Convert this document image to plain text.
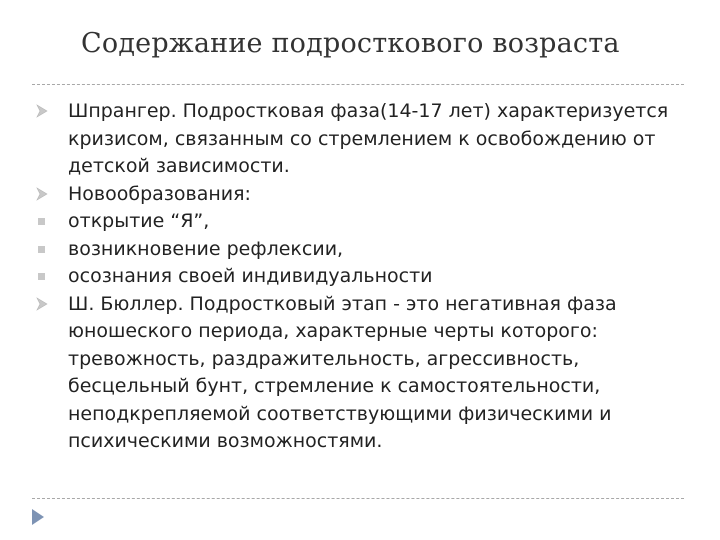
Содержание подросткового возраста
Шпрангер. Подростковая фаза(14-17 лет) характеризуется кризисом, связанным со стремлением к освобождению от детской зависимости.
Новообразования:
открытие “Я”,
возникновение рефлексии,
осознания своей индивидуальности
Ш. Бюллер. Подростковый этап - это негативная фаза юношеского периода, характерные черты которого: тревожность, раздражительность, агрессивность, бесцельный бунт, стремление к самостоятельности, неподкрепляемой соответствующими физическими и психическими возможностями.
